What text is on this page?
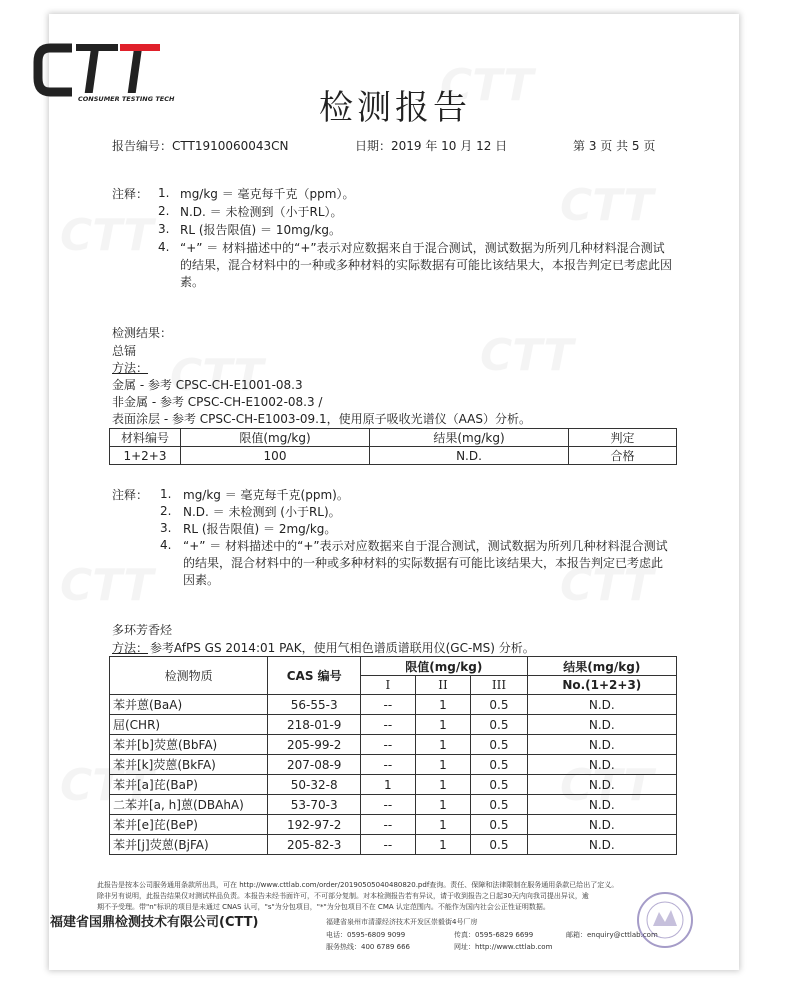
CONSUMER TESTING TECH	检测报告
报告编号：CTT1910060043CN	日期：2019 年 10 月 12 日	第 3 页 共 5 页
注释： 1. mg/kg ＝ 毫克每千克（ppm）。
2. N.D. ＝ 未检测到（小于RL）。
3. RL (报告限值) ＝ 10mg/kg。
4. “+” ＝ 材料描述中的“+”表示对应数据来自于混合测试，测试数据为所列几种材料混合测试的结果，混合材料中的一种或多种材料的实际数据有可能比该结果大，本报告判定已考虑此因素。
检测结果：
总镉
方法：
金属 - 参考 CPSC-CH-E1001-08.3
非金属 - 参考 CPSC-CH-E1002-08.3 /
表面涂层 - 参考 CPSC-CH-E1003-09.1，使用原子吸收光谱仪（AAS）分析。
材料编号	限值(mg/kg)	结果(mg/kg)	判定
1+2+3	100	N.D.	合格
注释： 1. mg/kg ＝ 毫克每千克(ppm)。
2. N.D. ＝ 未检测到 (小于RL)。
3. RL (报告限值) ＝ 2mg/kg。
4. “+” ＝ 材料描述中的“+”表示对应数据来自于混合测试，测试数据为所列几种材料混合测试的结果，混合材料中的一种或多种材料的实际数据有可能比该结果大，本报告判定已考虑此因素。
多环芳香烃
方法： 参考AfPS GS 2014:01 PAK，使用气相色谱质谱联用仪(GC-MS) 分析。
检测物质	CAS 编号	限值(mg/kg)			结果(mg/kg)
		I	II	III	No.(1+2+3)
苯并蒽(BaA)	56-55-3	--	1	0.5	N.D.
屈(CHR)	218-01-9	--	1	0.5	N.D.
苯并[b]荧蒽(BbFA)	205-99-2	--	1	0.5	N.D.
苯并[k]荧蒽(BkFA)	207-08-9	--	1	0.5	N.D.
苯并[a]芘(BaP)	50-32-8	1	1	0.5	N.D.
二苯并[a, h]蒽(DBAhA)	53-70-3	--	1	0.5	N.D.
苯并[e]芘(BeP)	192-97-2	--	1	0.5	N.D.
苯并[j]荧蒽(BjFA)	205-82-3	--	1	0.5	N.D.
此报告是按本公司服务通用条款所出具，可在 http://www.cttlab.com/order/20190505040480820.pdf查询。责任、保障和法律限制在服务通用条款已给出了定义。
除非另有说明，此报告结果仅对测试样品负责。本报告未经书面许可，不可部分复制。对本检测报告若有异议，请于收到报告之日起30天内向我司提出异议，逾
期不予受理。带"n"标识的项目是未通过 CNAS 认可，"s"为分包项目，"*"为分包项目不在 CMA 认定范围内。不能作为国内社会公正性证明数据。
福建省国鼎检测技术有限公司(CTT)	福建省泉州市清濛经济技术开发区崇毅街4号厂房
电话：0595-6809 9099	传真：0595-6829 6699	邮箱：enquiry@cttlab.com
服务热线：400 6789 666	网址：http://www.cttlab.com
